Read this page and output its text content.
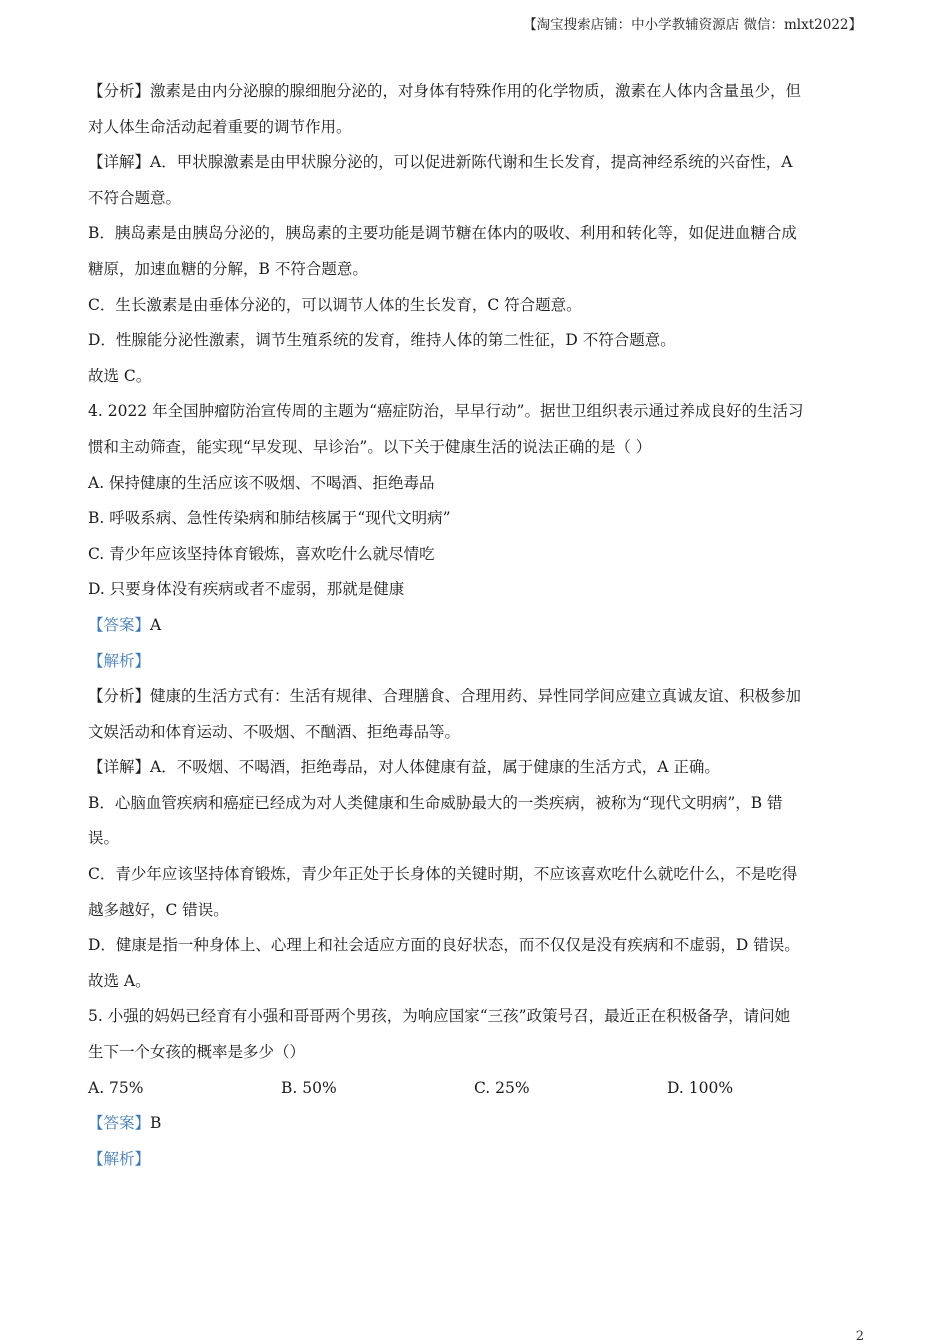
【淘宝搜索店铺：中小学教辅资源店 微信：mlxt2022】
【分析】激素是由内分泌腺的腺细胞分泌的，对身体有特殊作用的化学物质，激素在人体内含量虽少，但
对人体生命活动起着重要的调节作用。
【详解】A．甲状腺激素是由甲状腺分泌的，可以促进新陈代谢和生长发育，提高神经系统的兴奋性，A
不符合题意。
B．胰岛素是由胰岛分泌的，胰岛素的主要功能是调节糖在体内的吸收、利用和转化等，如促进血糖合成
糖原，加速血糖的分解，B 不符合题意。
C．生长激素是由垂体分泌的，可以调节人体的生长发育，C 符合题意。
D．性腺能分泌性激素，调节生殖系统的发育，维持人体的第二性征，D 不符合题意。
故选 C。
4. 2022 年全国肿瘤防治宣传周的主题为“癌症防治，早早行动”。据世卫组织表示通过养成良好的生活习
惯和主动筛查，能实现“早发现、早诊治”。以下关于健康生活的说法正确的是（ ）
A. 保持健康的生活应该不吸烟、不喝酒、拒绝毒品
B. 呼吸系病、急性传染病和肺结核属于“现代文明病”
C. 青少年应该坚持体育锻炼，喜欢吃什么就尽情吃
D. 只要身体没有疾病或者不虚弱，那就是健康
【答案】A
【解析】
【分析】健康的生活方式有：生活有规律、合理膳食、合理用药、异性同学间应建立真诚友谊、积极参加
文娱活动和体育运动、不吸烟、不酗酒、拒绝毒品等。
【详解】A．不吸烟、不喝酒，拒绝毒品，对人体健康有益，属于健康的生活方式，A 正确。
B．心脑血管疾病和癌症已经成为对人类健康和生命威胁最大的一类疾病，被称为“现代文明病”，B 错
误。
C．青少年应该坚持体育锻炼，青少年正处于长身体的关键时期，不应该喜欢吃什么就吃什么，不是吃得
越多越好，C 错误。
D．健康是指一种身体上、心理上和社会适应方面的良好状态，而不仅仅是没有疾病和不虚弱，D 错误。
故选 A。
5. 小强的妈妈已经育有小强和哥哥两个男孩，为响应国家“三孩”政策号召，最近正在积极备孕，请问她
生下一个女孩的概率是多少（）
A. 75%	B. 50%	C. 25%	D. 100%
【答案】B
【解析】
2
